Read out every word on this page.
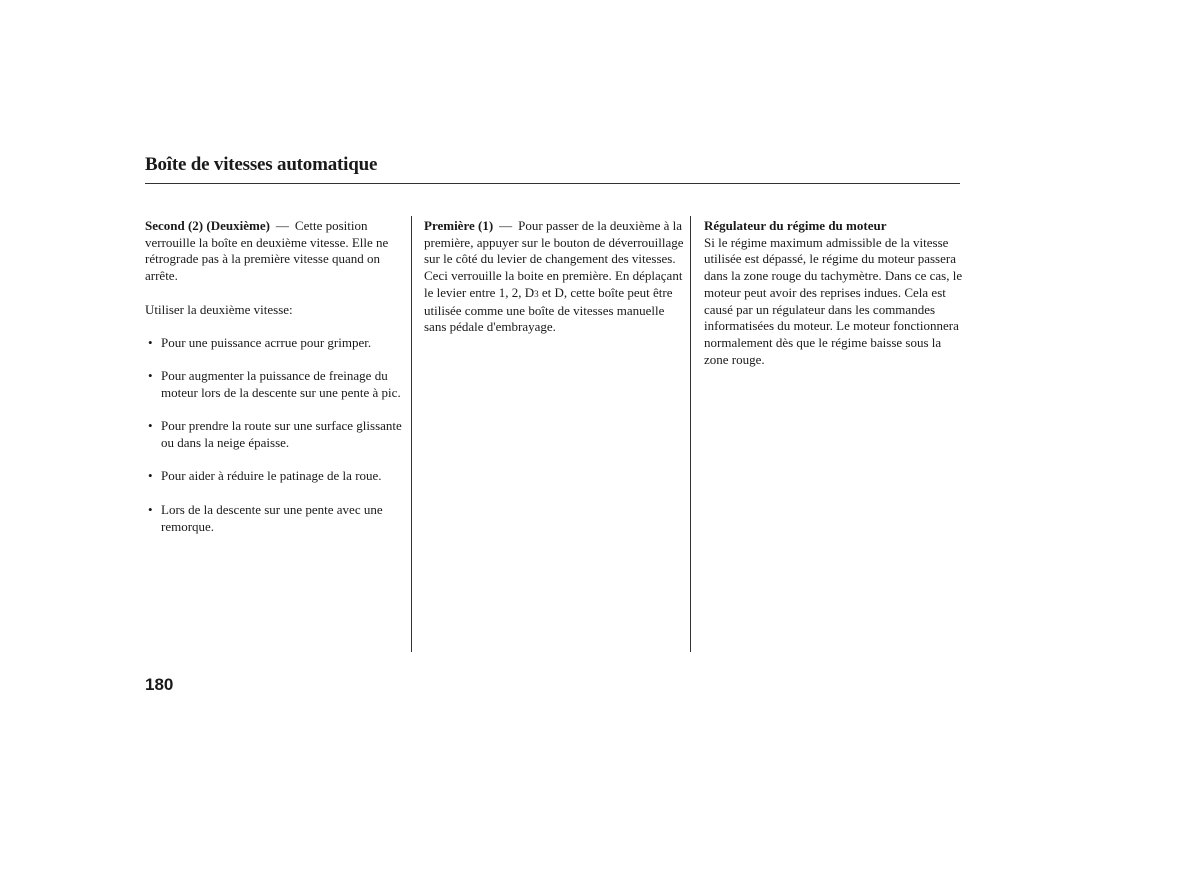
Boîte de vitesses automatique

Second (2) (Deuxième) — Cette position verrouille la boîte en deuxième vitesse. Elle ne rétrograde pas à la première vitesse quand on arrête.

Utiliser la deuxième vitesse:

• Pour une puissance acrrue pour grimper.
• Pour augmenter la puissance de freinage du moteur lors de la descente sur une pente à pic.
• Pour prendre la route sur une surface glissante ou dans la neige épaisse.
• Pour aider à réduire le patinage de la roue.
• Lors de la descente sur une pente avec une remorque.

Première (1) — Pour passer de la deuxième à la première, appuyer sur le bouton de déverrouillage sur le côté du levier de changement des vitesses. Ceci verrouille la boite en première. En déplaçant le levier entre 1, 2, D3 et D, cette boîte peut être utilisée comme une boîte de vitesses manuelle sans pédale d'embrayage.

Régulateur du régime du moteur

Si le régime maximum admissible de la vitesse utilisée est dépassé, le régime du moteur passera dans la zone rouge du tachymètre. Dans ce cas, le moteur peut avoir des reprises indues. Cela est causé par un régulateur dans les commandes informatisées du moteur. Le moteur fonctionnera normalement dès que le régime baisse sous la zone rouge.

180
